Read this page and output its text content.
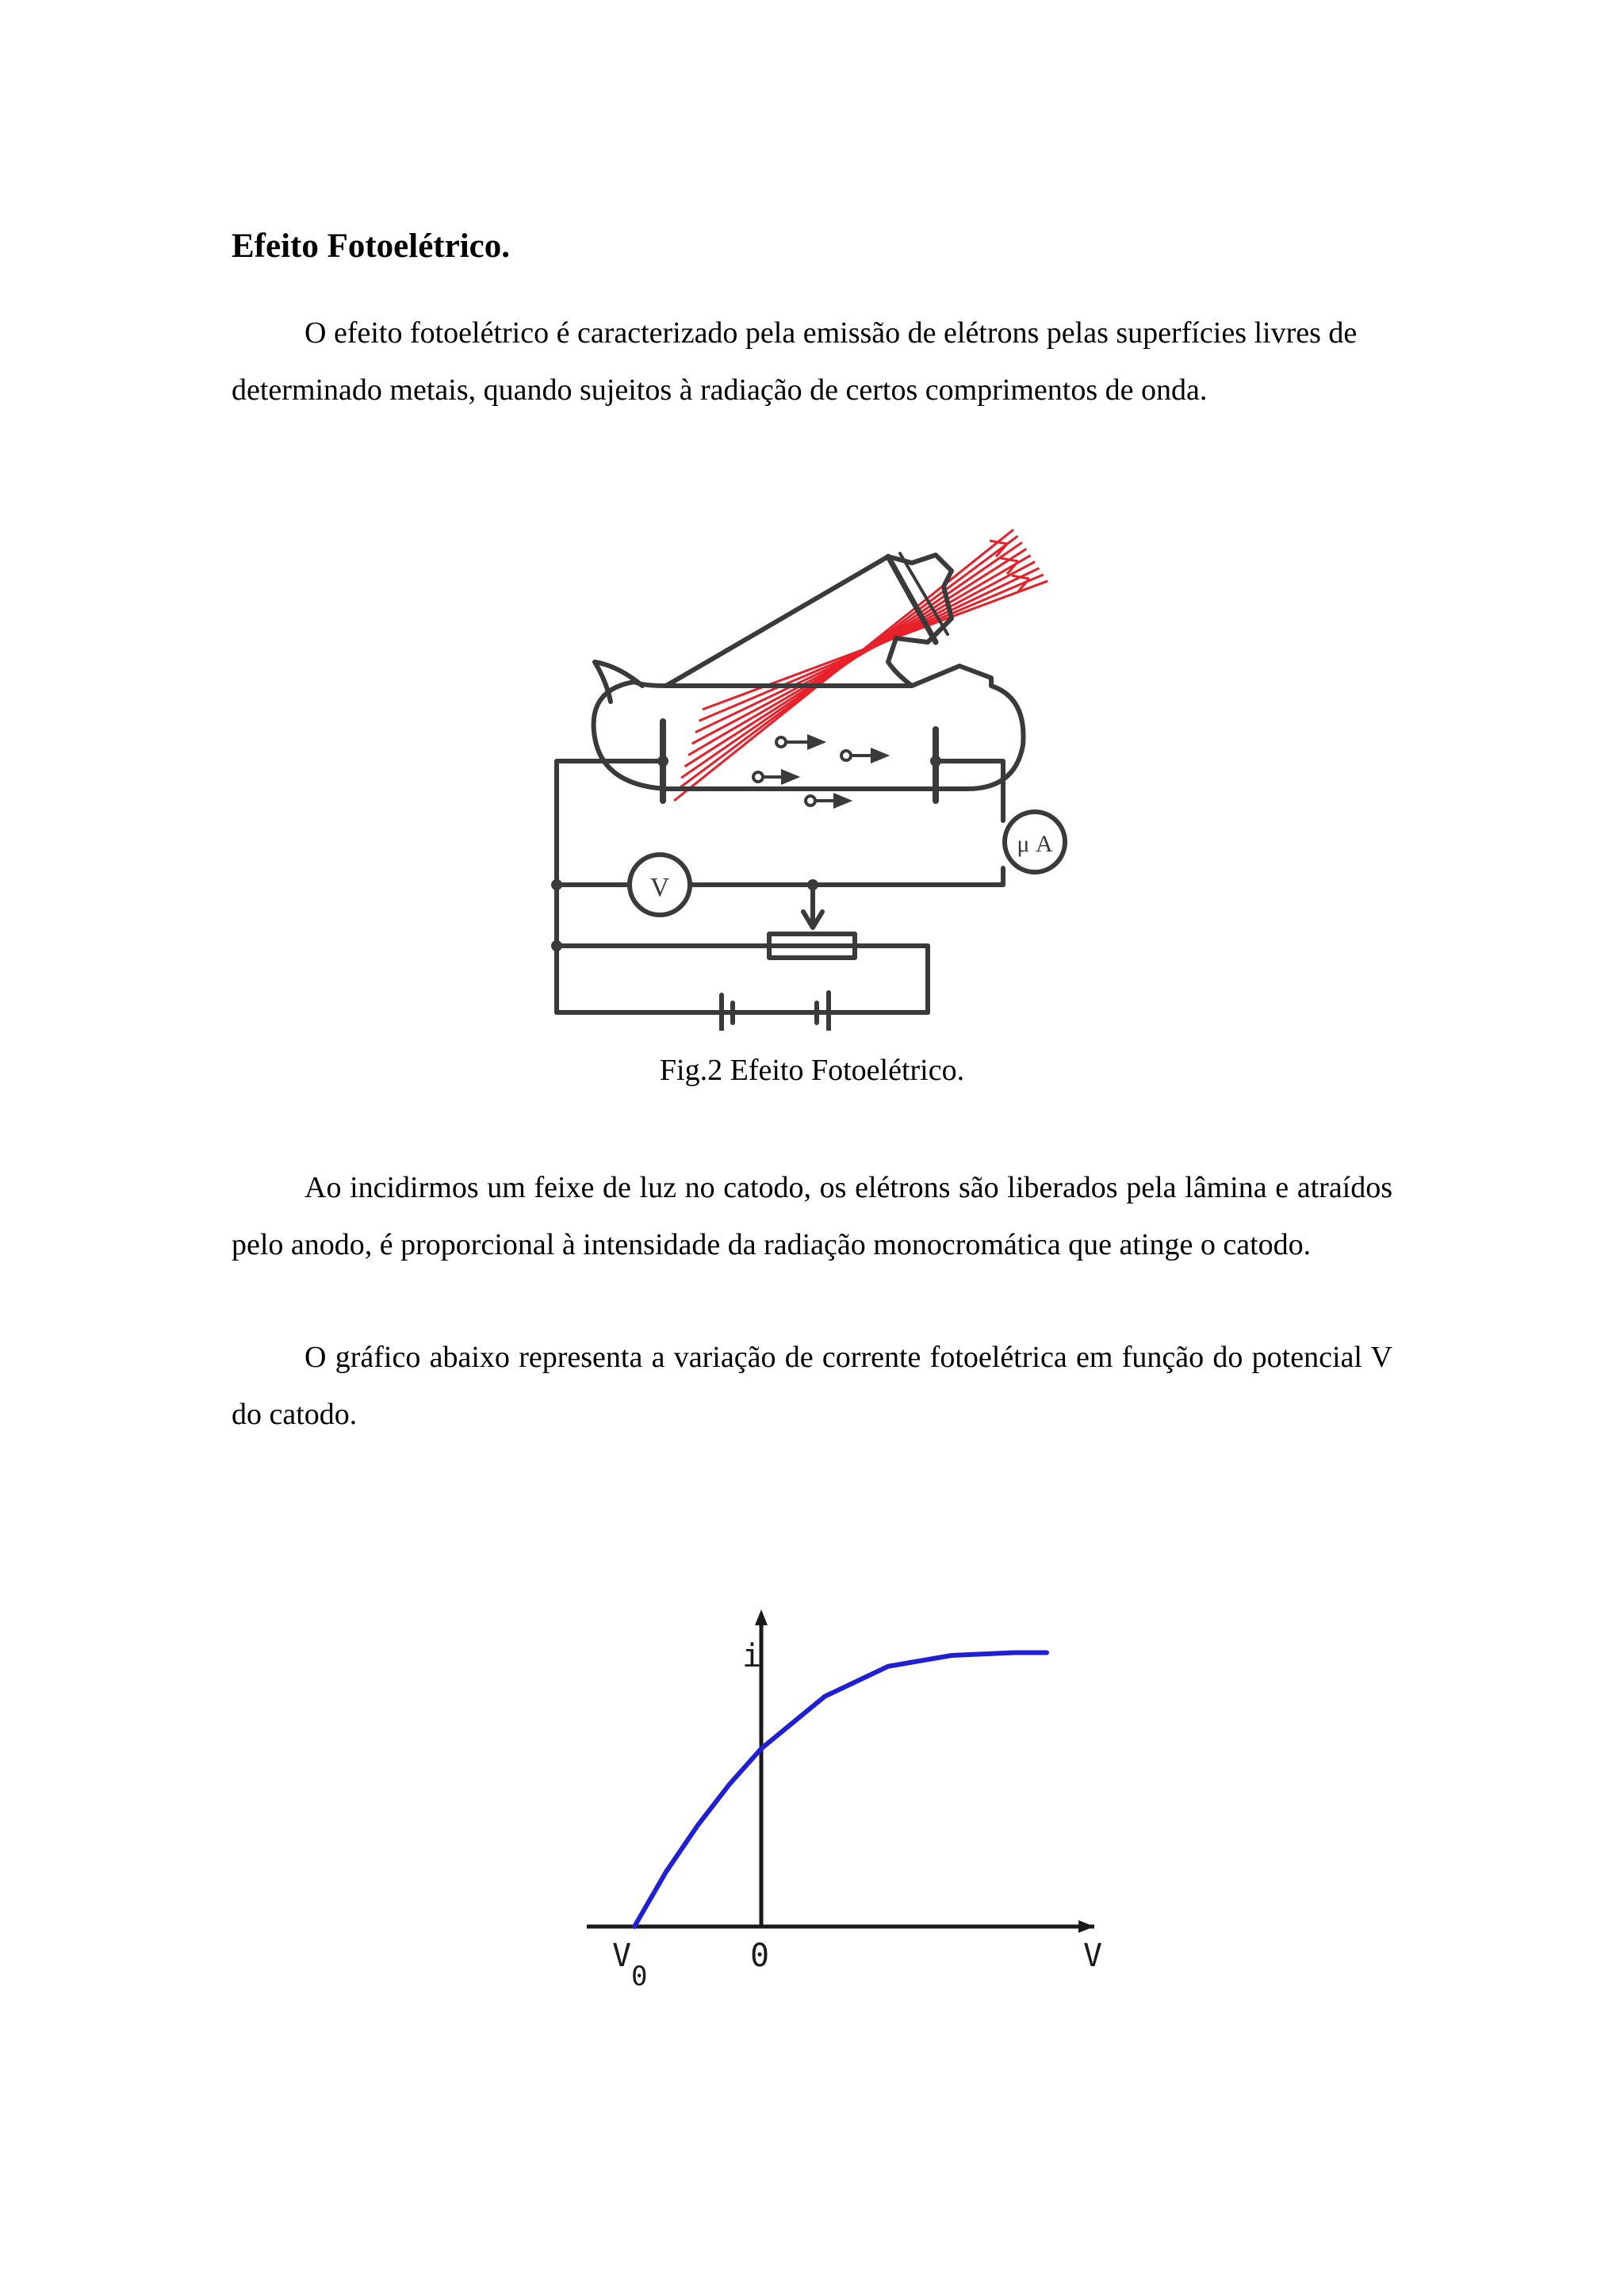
Efeito Fotoelétrico.

O efeito fotoelétrico é caracterizado pela emissão de elétrons pelas superfícies livres de determinado metais, quando sujeitos à radiação de certos comprimentos de onda.

V
μ A
Fig.2 Efeito Fotoelétrico.

Ao incidirmos um feixe de luz no catodo, os elétrons são liberados pela lâmina e atraídos pelo anodo, é proporcional à intensidade da radiação monocromática que atinge o catodo.

O gráfico abaixo representa a variação de corrente fotoelétrica em função do potencial V do catodo.

i
V
0
0	V
